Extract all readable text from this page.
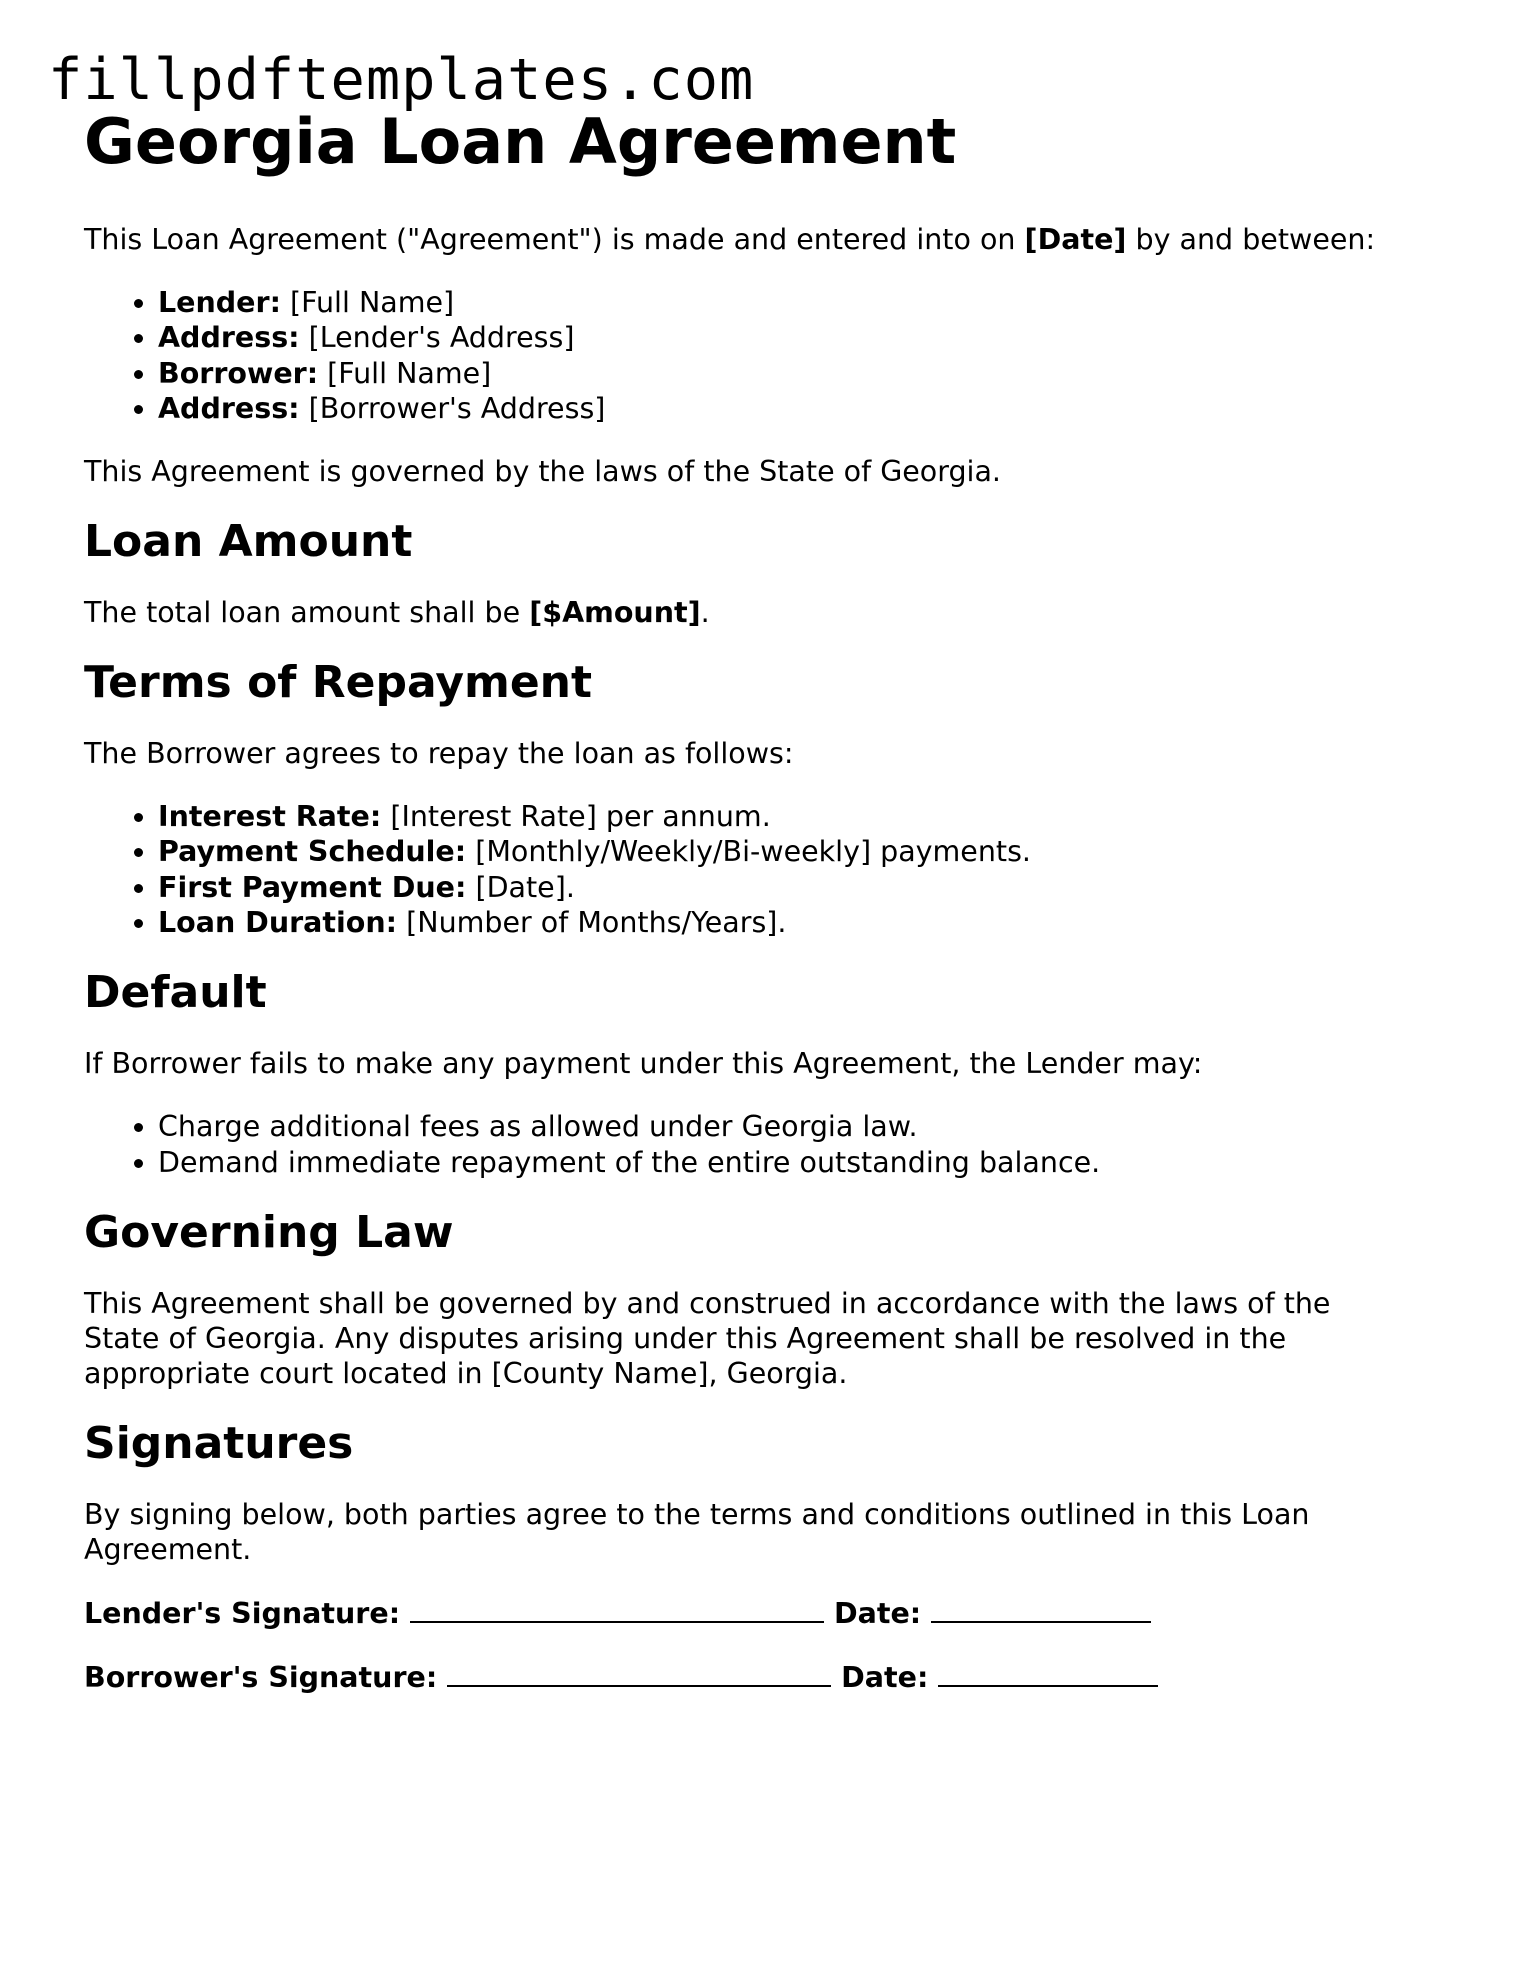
fillpdftemplates.com
Georgia Loan Agreement

This Loan Agreement ("Agreement") is made and entered into on [Date] by and between:

• Lender: [Full Name]
• Address: [Lender's Address]
• Borrower: [Full Name]
• Address: [Borrower's Address]

This Agreement is governed by the laws of the State of Georgia.

Loan Amount

The total loan amount shall be [$Amount].

Terms of Repayment

The Borrower agrees to repay the loan as follows:

• Interest Rate: [Interest Rate] per annum.
• Payment Schedule: [Monthly/Weekly/Bi-weekly] payments.
• First Payment Due: [Date].
• Loan Duration: [Number of Months/Years].
Default

If Borrower fails to make any payment under this Agreement, the Lender may:

• Charge additional fees as allowed under Georgia law.
• Demand immediate repayment of the entire outstanding balance.
Governing Law

This Agreement shall be governed by and construed in accordance with the laws of the State of Georgia. Any disputes arising under this Agreement shall be resolved in the appropriate court located in [County Name], Georgia.

Signatures

By signing below, both parties agree to the terms and conditions outlined in this Loan Agreement.

Lender's Signature:	Date:
Borrower's Signature:	Date:
